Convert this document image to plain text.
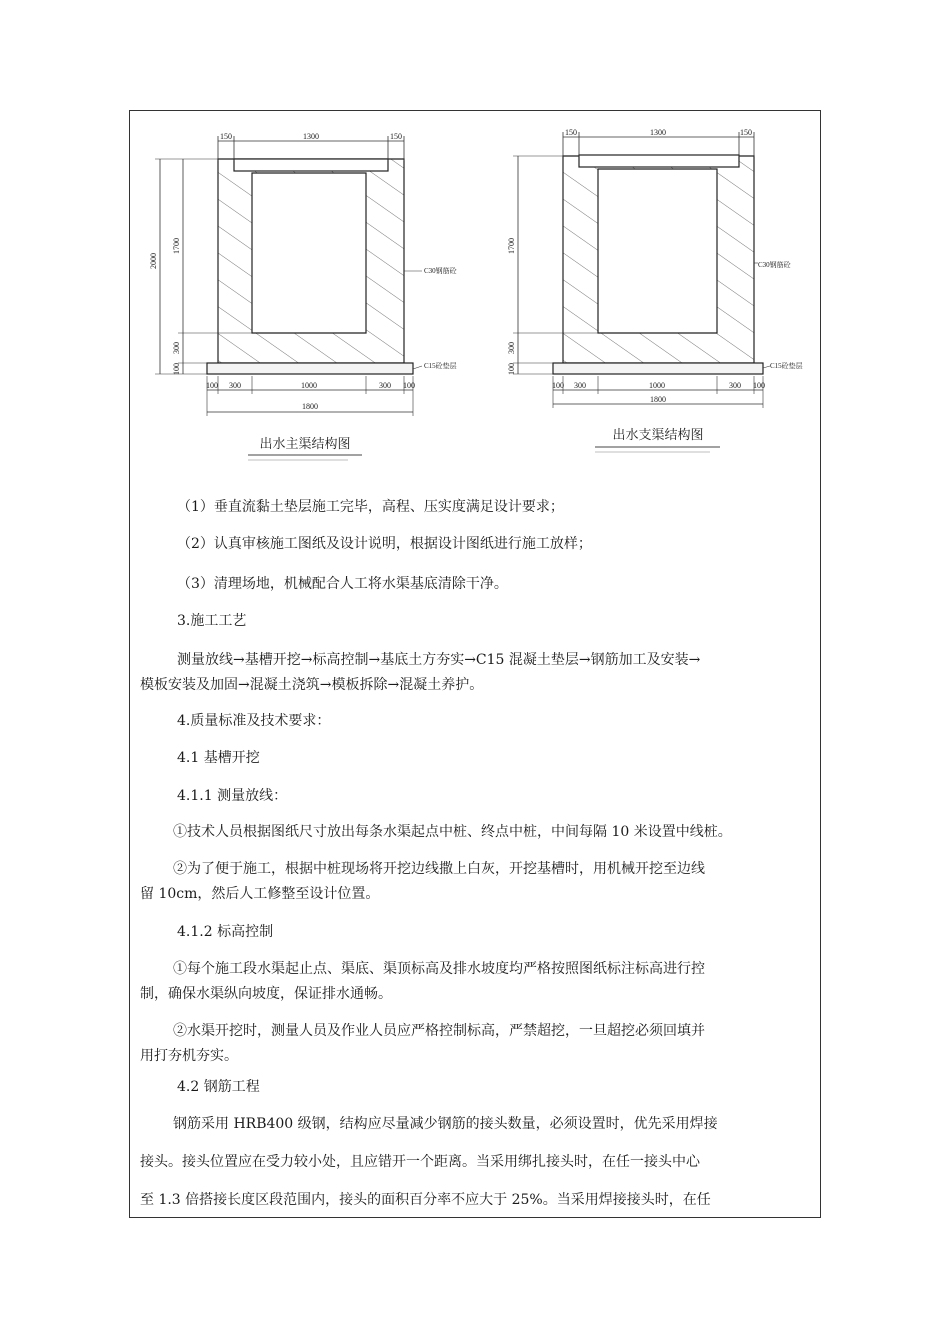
150	1300	150
2000
1700
300
100
100 300	1000	300 100
1800
C30钢筋砼
C15砼垫层
出水主渠结构图
150	1300	150
1700
300
100
100 300	1000	300 100
1800
C30钢筋砼
C15砼垫层
出水支渠结构图

（1）垂直流黏土垫层施工完毕，高程、压实度满足设计要求；

（2）认真审核施工图纸及设计说明，根据设计图纸进行施工放样；

（3）清理场地，机械配合人工将水渠基底清除干净。

3.施工工艺

测量放线→基槽开挖→标高控制→基底土方夯实→C15 混凝土垫层→钢筋加工及安装→

模板安装及加固→混凝土浇筑→模板拆除→混凝土养护。

4.质量标准及技术要求：

4.1 基槽开挖

4.1.1 测量放线：

①技术人员根据图纸尺寸放出每条水渠起点中桩、终点中桩，中间每隔 10 米设置中线桩。

②为了便于施工，根据中桩现场将开挖边线撒上白灰，开挖基槽时，用机械开挖至边线

留 10cm，然后人工修整至设计位置。

4.1.2 标高控制

①每个施工段水渠起止点、渠底、渠顶标高及排水坡度均严格按照图纸标注标高进行控

制，确保水渠纵向坡度，保证排水通畅。

②水渠开挖时，测量人员及作业人员应严格控制标高，严禁超挖，一旦超挖必须回填并

用打夯机夯实。

4.2 钢筋工程

钢筋采用 HRB400 级钢，结构应尽量减少钢筋的接头数量，必须设置时，优先采用焊接

接头。接头位置应在受力较小处，且应错开一个距离。当采用绑扎接头时，在任一接头中心

至 1.3 倍搭接长度区段范围内，接头的面积百分率不应大于 25%。当采用焊接接头时，在任
